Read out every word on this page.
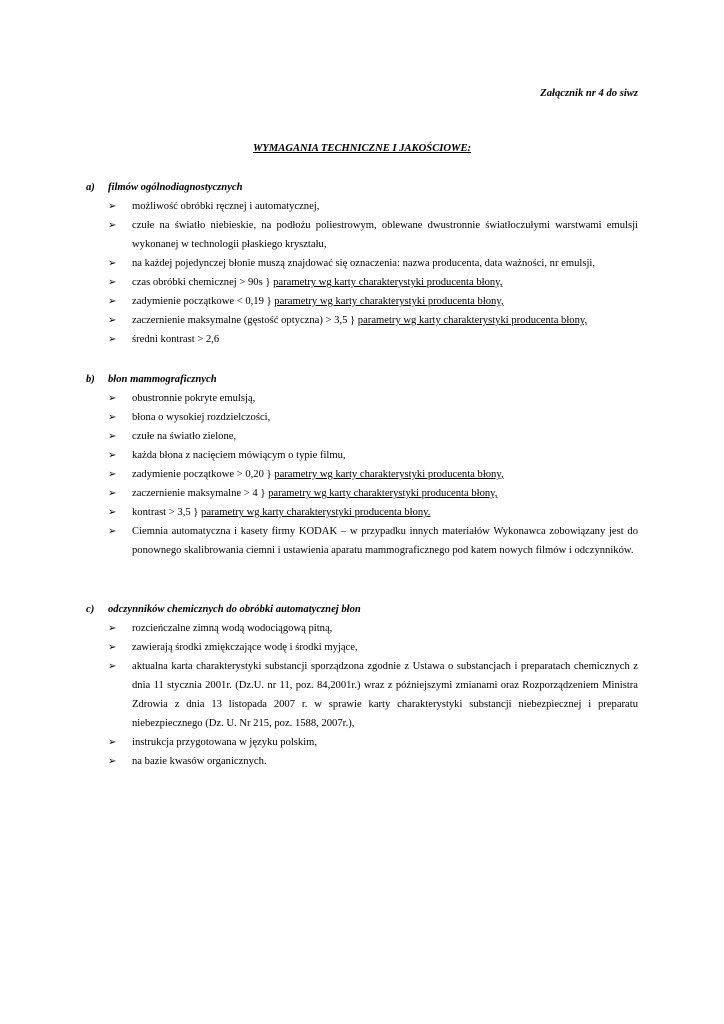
Załącznik nr 4 do siwz
WYMAGANIA TECHNICZNE I JAKOŚCIOWE:
a)	filmów ogólnodiagnostycznych
➢	możliwość obróbki ręcznej i automatycznej,
➢	czułe na światło niebieskie, na podłożu poliestrowym, oblewane dwustronnie światłoczułymi warstwami emulsji wykonanej w technologii płaskiego kryształu,
➢	na każdej pojedynczej błonie muszą znajdować się oznaczenia: nazwa producenta, data ważności, nr emulsji,
➢	czas obróbki chemicznej > 90s } parametry wg karty charakterystyki producenta błony,
➢	zadymienie początkowe < 0,19 } parametry wg karty charakterystyki producenta błony,
➢	zaczernienie maksymalne (gęstość optyczna) > 3,5 } parametry wg karty charakterystyki producenta błony,
➢	średni kontrast > 2,6
b)	błon mammograficznych
➢	obustronnie pokryte emulsją,
➢	błona o wysokiej rozdzielczości,
➢	czułe na światło zielone,
➢	każda błona z nacięciem mówiącym o typie filmu,
➢	zadymienie początkowe > 0,20 } parametry wg karty charakterystyki producenta błony,
➢	zaczernienie maksymalne > 4 } parametry wg karty charakterystyki producenta błony,
➢	kontrast > 3,5 } parametry wg karty charakterystyki producenta błony.
➢	Ciemnia automatyczna i kasety firmy KODAK – w przypadku innych materiałów Wykonawca zobowiązany jest do ponownego skalibrowania ciemni i ustawienia aparatu mammograficznego pod katem nowych filmów i odczynników.
c)	odczynników chemicznych do obróbki automatycznej błon
➢	rozcieńczalne zimną wodą wodociągową pitną,
➢	zawierają środki zmiękczające wodę i środki myjące,
➢	aktualna karta charakterystyki substancji sporządzona zgodnie z Ustawa o substancjach i preparatach chemicznych z dnia 11 stycznia 2001r. (Dz.U. nr 11, poz. 84,2001r.) wraz z późniejszymi zmianami oraz Rozporządzeniem Ministra Zdrowia z dnia 13 listopada 2007 r. w sprawie karty charakterystyki substancji niebezpiecznej i preparatu niebezpiecznego (Dz. U. Nr 215, poz. 1588, 2007r.),
➢	instrukcja przygotowana w języku polskim,
➢	na bazie kwasów organicznych.
